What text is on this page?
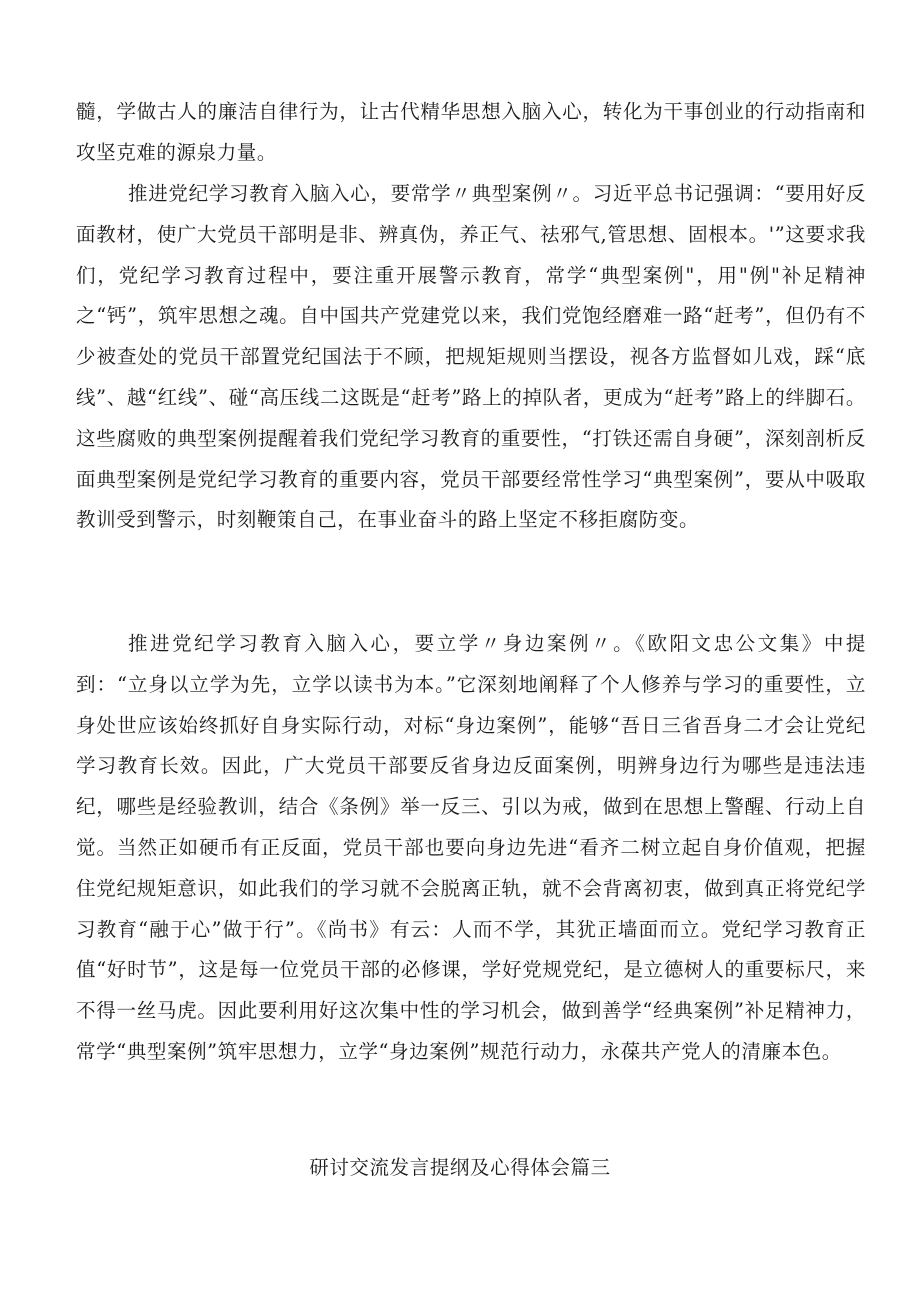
髓，学做古人的廉洁自律行为，让古代精华思想入脑入心，转化为干事创业的行动指南和攻坚克难的源泉力量。

推进党纪学习教育入脑入心，要常学〃典型案例〃。习近平总书记强调：“要用好反面教材，使广大党员干部明是非、辨真伪，养正气、祛邪气,管思想、固根本。'”这要求我们，党纪学习教育过程中，要注重开展警示教育，常学“典型案例"，用"例"补足精神之“钙”，筑牢思想之魂。自中国共产党建党以来，我们党饱经磨难一路“赶考”，但仍有不少被查处的党员干部置党纪国法于不顾，把规矩规则当摆设，视各方监督如儿戏，踩“底线”、越“红线”、碰“高压线二这既是“赶考”路上的掉队者，更成为“赶考”路上的绊脚石。这些腐败的典型案例提醒着我们党纪学习教育的重要性，“打铁还需自身硬”，深刻剖析反面典型案例是党纪学习教育的重要内容，党员干部要经常性学习“典型案例”，要从中吸取教训受到警示，时刻鞭策自己，在事业奋斗的路上坚定不移拒腐防变。

推进党纪学习教育入脑入心，要立学〃身边案例〃。《欧阳文忠公文集》中提到：“立身以立学为先，立学以读书为本。”它深刻地阐释了个人修养与学习的重要性，立身处世应该始终抓好自身实际行动，对标“身边案例”，能够“吾日三省吾身二才会让党纪学习教育长效。因此，广大党员干部要反省身边反面案例，明辨身边行为哪些是违法违纪，哪些是经验教训，结合《条例》举一反三、引以为戒，做到在思想上警醒、行动上自觉。当然正如硬币有正反面，党员干部也要向身边先进“看齐二树立起自身价值观，把握住党纪规矩意识，如此我们的学习就不会脱离正轨，就不会背离初衷，做到真正将党纪学习教育“融于心”做于行”。《尚书》有云：人而不学，其犹正墙面而立。党纪学习教育正值“好时节”，这是每一位党员干部的必修课，学好党规党纪，是立德树人的重要标尺，来不得一丝马虎。因此要利用好这次集中性的学习机会，做到善学“经典案例”补足精神力，常学“典型案例”筑牢思想力，立学“身边案例”规范行动力，永葆共产党人的清廉本色。

研讨交流发言提纲及心得体会篇三
